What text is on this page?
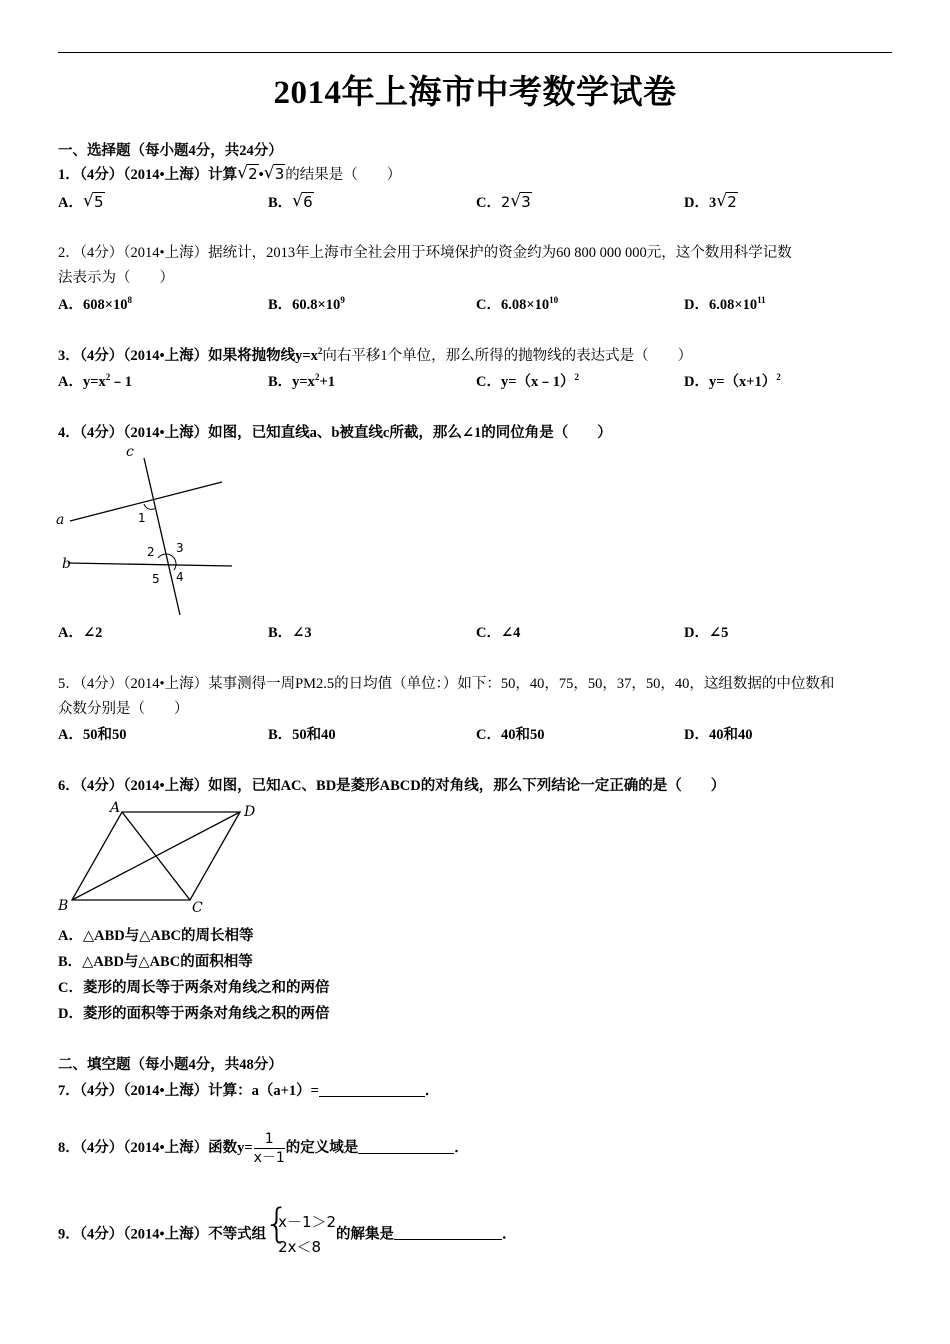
2014年上海市中考数学试卷
一、选择题（每小题4分，共24分）
1．（4分）（2014•上海）计算 √ 2• √ 3的结果是（　　）
A． √ 5	B． √ 6	C．2 √ 3	D．3 √ 2
2．（4分）（2014•上海）据统计，2013年上海市全社会用于环境保护的资金约为60 800 000 000元，这个数用科学记数
法表示为（　　）
A．$608\times 10^8$	B．$60.8\times 10^9$	C．$6.08\times 10^{10}$	D．$6.08\times 10^{11}$
3．（4分）（2014•上海）如果将抛物线$y=x^2$向右平移1个单位，那么所得的抛物线的表达式是（　　）
A．$y=x^2﹣1$	B．$y=x^2+1$	C．y=（x﹣1）$^2$	D．$y=(x+1)^2$
4．（4分）（2014•上海）如图，已知直线a、b被直线c所截，那么∠1的同位角是（　　）
c
a
b
1
2 3
4
5
A．∠2	B．∠3	C．∠4	D．∠5
5．（4分）（2014•上海）某事测得一周PM2.5的日均值（单位：）如下：50，40，75，50，37，50，40，这组数据的中位数和
众数分别是（　　）
A．50和50	B．50和40	C．40和50	D．40和40
6．（4分）（2014•上海）如图，已知AC、BD是菱形ABCD的对角线，那么下列结论一定正确的是（　　）
A	D
B	C
A．△ABD与△ABC的周长相等
B．△ABD与△ABC的面积相等
C．菱形的周长等于两条对角线之和的两倍
D．菱形的面积等于两条对角线之积的两倍
二、填空题（每小题4分，共48分）
7．（4分）（2014•上海）计算：a（a+1）=	．
8．（4分）（2014•上海）函数$y= \frac{1}{x-1}$ 的定义域是	．
9．（4分）（2014•上海）不等式组
{
x－1＞2
2x＜8
的解集是	．
